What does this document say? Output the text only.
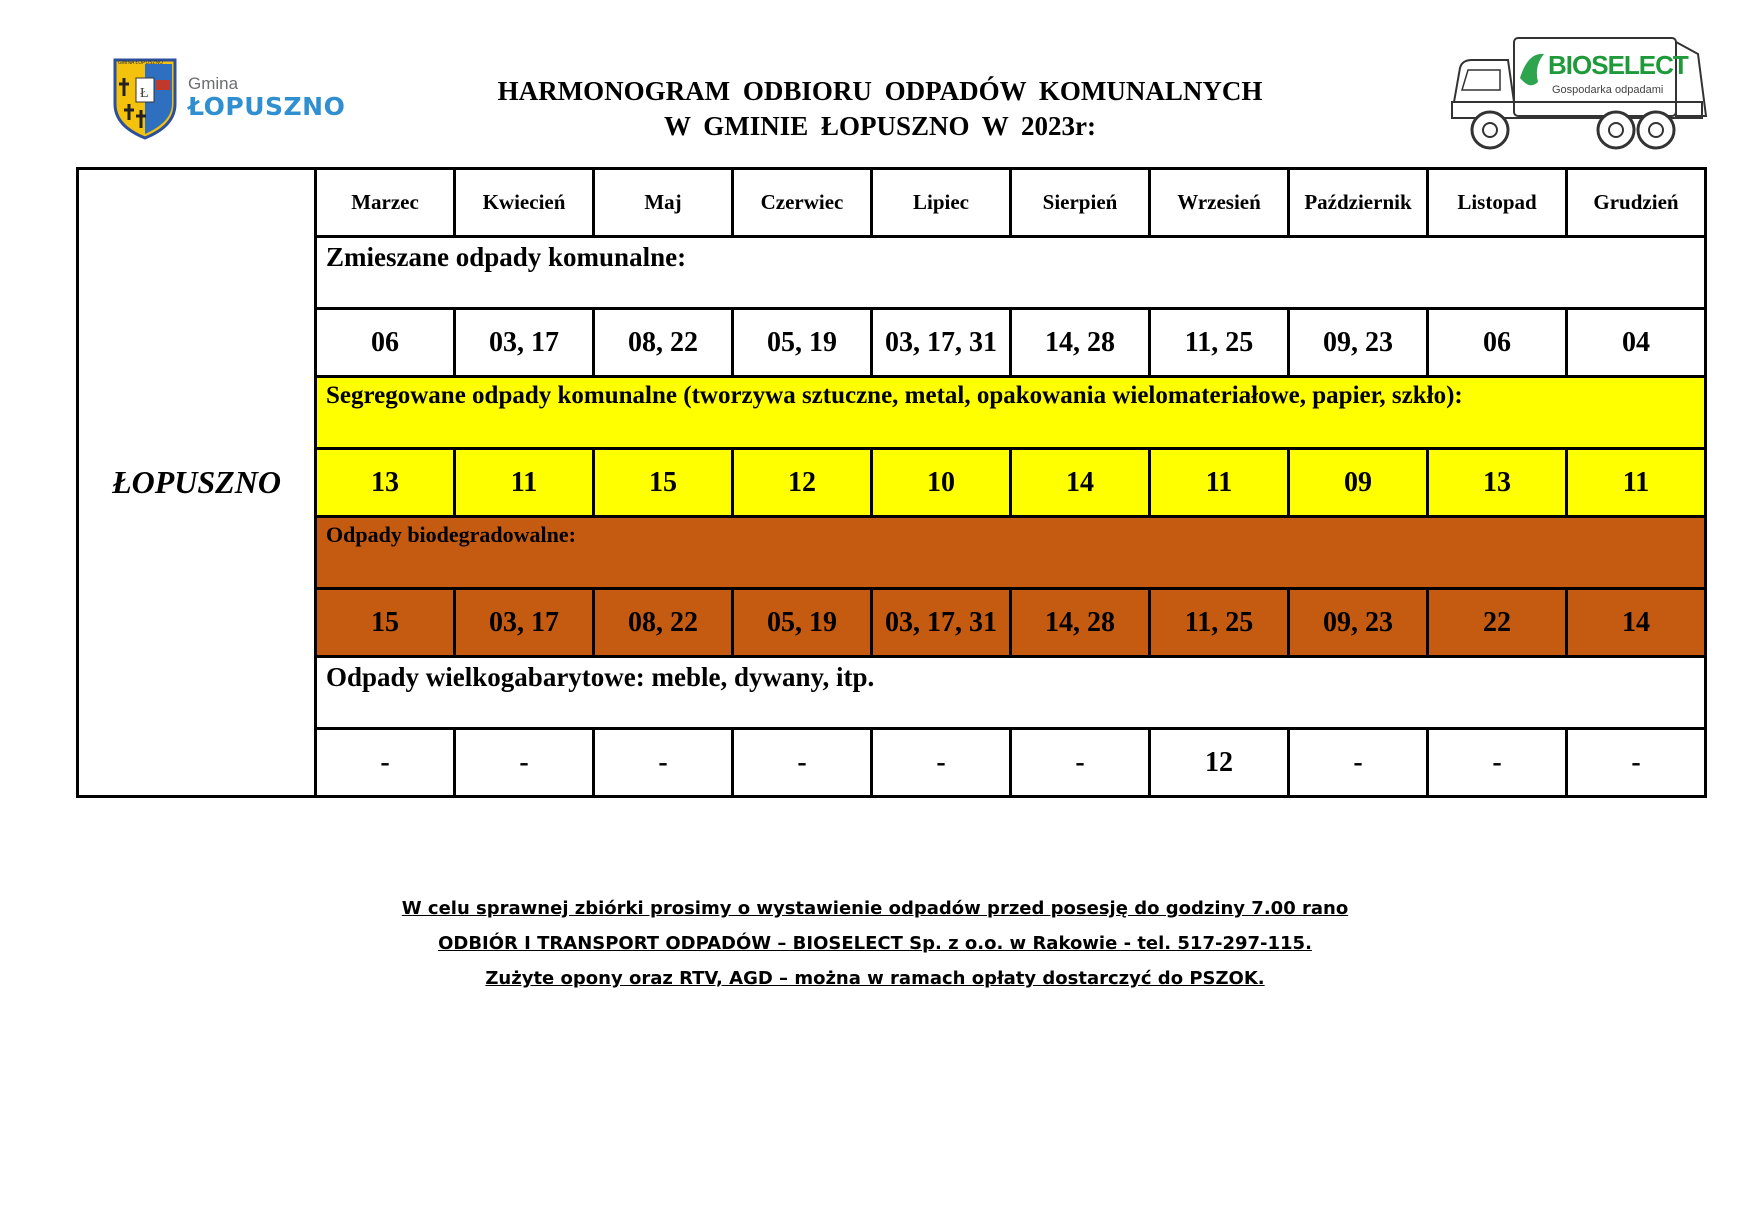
Ł
GMINA ŁOPUSZNO
Gmina
ŁOPUSZNO
HARMONOGRAM ODBIORU ODPADÓW KOMUNALNYCH
W GMINIE ŁOPUSZNO W 2023r:
BIOSELECT
Gospodarka odpadami
ŁOPUSZNO	Marzec	Kwiecień	Maj	Czerwiec	Lipiec	Sierpień	Wrzesień	Październik	Listopad	Grudzień
	Zmieszane odpady komunalne:									
	06	03, 17	08, 22	05, 19	03, 17, 31	14, 28	11, 25	09, 23	06	04
	Segregowane odpady komunalne (tworzywa sztuczne, metal, opakowania wielomateriałowe, papier, szkło):									
	13	11	15	12	10	14	11	09	13	11
	Odpady biodegradowalne:									
	15	03, 17	08, 22	05, 19	03, 17, 31	14, 28	11, 25	09, 23	22	14
	Odpady wielkogabarytowe: meble, dywany, itp.									
	-	-	-	-	-	-	12	-	-	-

W celu sprawnej zbiórki prosimy o wystawienie odpadów przed posesję do godziny 7.00 rano

ODBIÓR I TRANSPORT ODPADÓW – BIOSELECT Sp. z o.o. w Rakowie - tel. 517-297-115.

Zużyte opony oraz RTV, AGD – można w ramach opłaty dostarczyć do PSZOK.
